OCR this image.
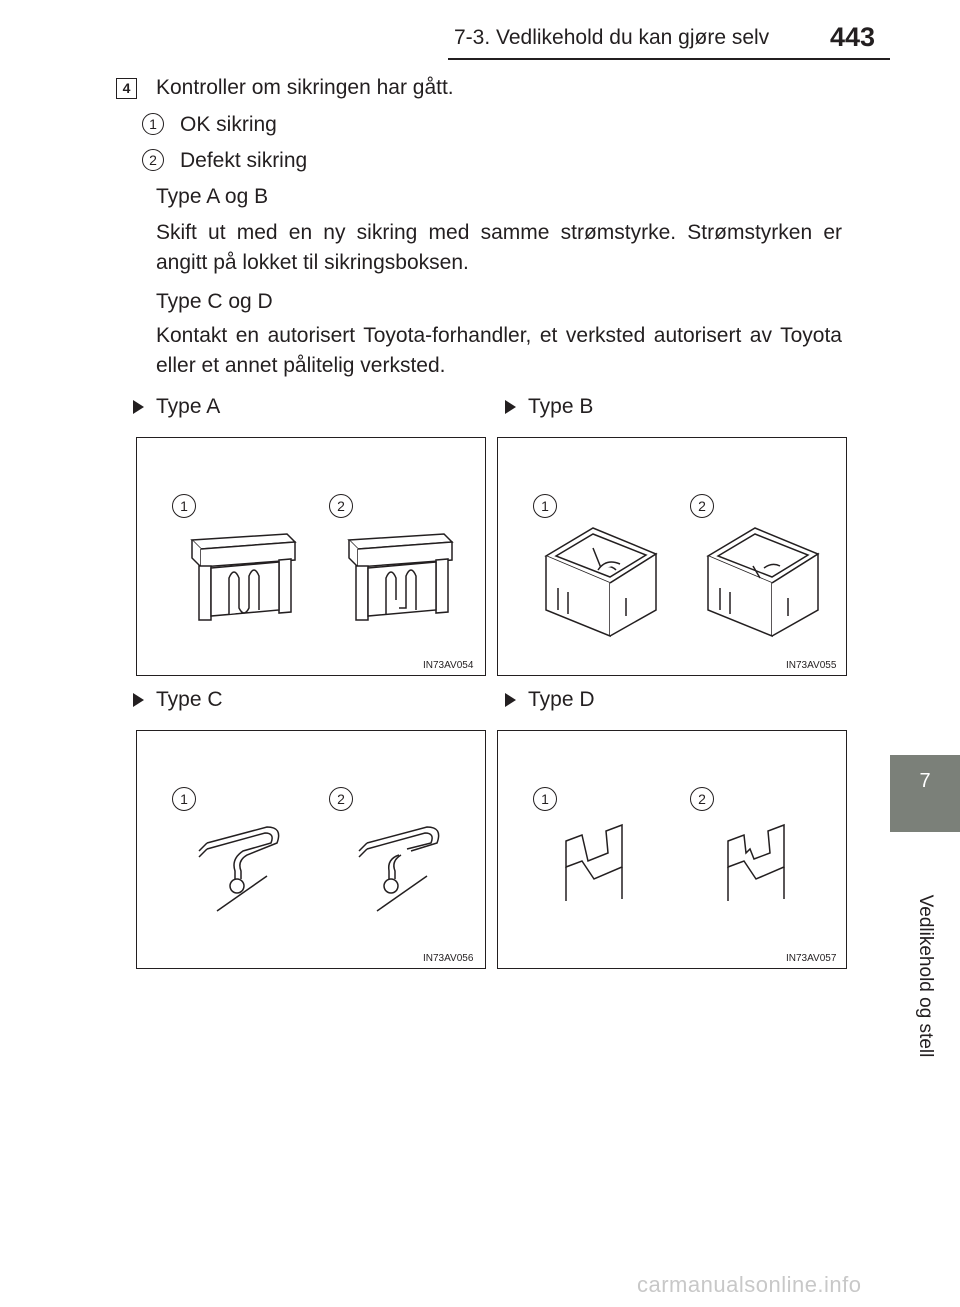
7-3. Vedlikehold du kan gjøre selv 443
7
Vedlikehold og stell
4	Kontroller om sikringen har gått.
1	OK sikring
2	Defekt sikring
Type A og B
Skift ut med en ny sikring med samme strømstyrke. Strømstyrken er angitt på lokket til sikringsboksen.
Type C og D
Kontakt en autorisert Toyota-forhandler, et verksted autorisert av Toyota eller et annet pålitelig verksted.
Type A	Type B
Type C	Type D
1	2
IN73AV054
1	2
IN73AV055
1	2
IN73AV056
1	2
IN73AV057
carmanualsonline.info
